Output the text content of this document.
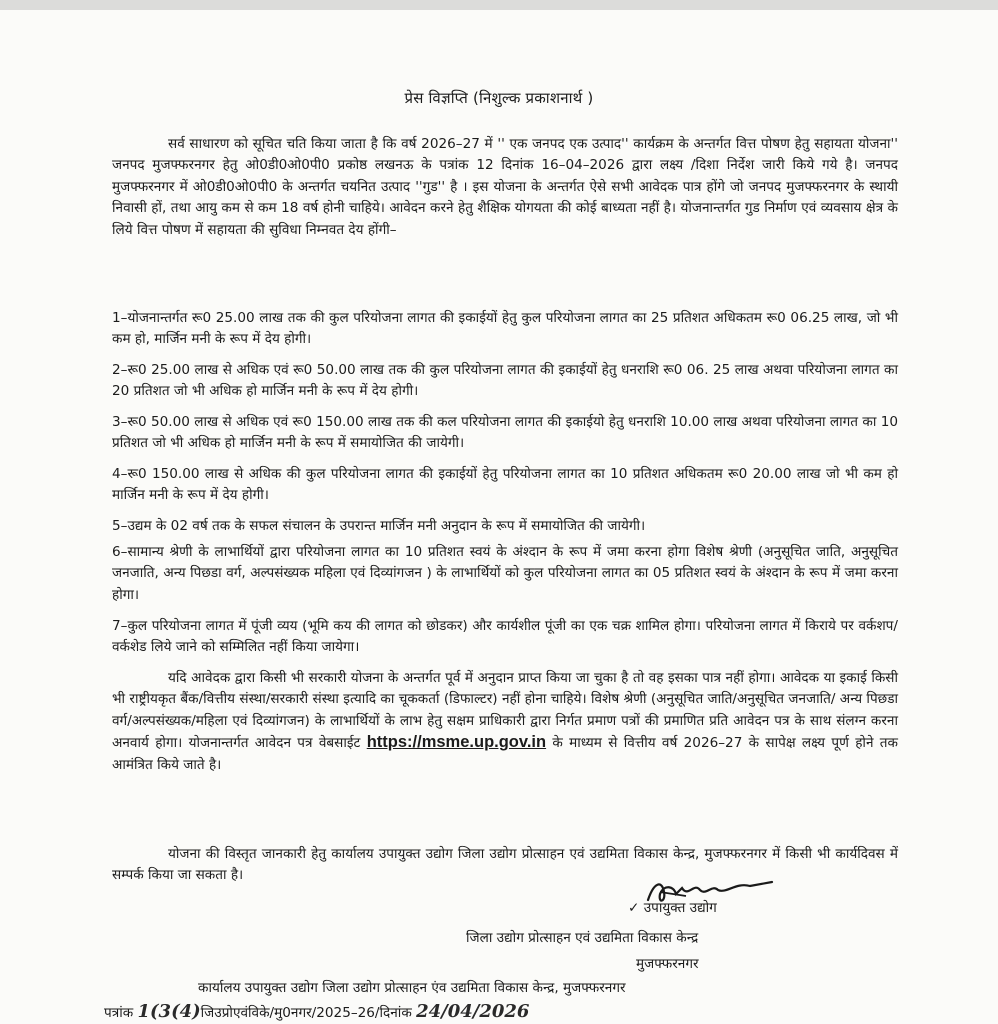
प्रेस विज्ञप्ति (निशुल्क प्रकाशनार्थ )
सर्व साधारण को सूचित चति किया जाता है कि वर्ष 2026–27 में '' एक जनपद एक उत्पाद'' कार्यक्रम के अन्तर्गत वित्त पोषण हेतु सहायता योजना'' जनपद मुजफ्फरनगर हेतु ओ0डी0ओ0पी0 प्रकोष्ठ लखनऊ के पत्रांक 12 दिनांक 16–04–2026 द्वारा लक्ष्य /दिशा निर्देश जारी किये गये है। जनपद मुजफ्फरनगर में ओ0डी0ओ0पी0 के अन्तर्गत चयनित उत्पाद ''गुड'' है । इस योजना के अन्तर्गत ऐसे सभी आवेदक पात्र होंगे जो जनपद मुजफ्फरनगर के स्थायी निवासी हों, तथा आयु कम से कम 18 वर्ष होनी चाहिये। आवेदन करने हेतु शैक्षिक योगयता की कोई बाध्यता नहीं है। योजनान्तर्गत गुड निर्माण एवं व्यवसाय क्षेत्र के लिये वित्त पोषण में सहायता की सुविधा निम्नवत देय होंगी–
1–योजनान्तर्गत रू0 25.00 लाख तक की कुल परियोजना लागत की इकाईयों हेतु कुल परियोजना लागत का 25 प्रतिशत अधिकतम रू0 06.25 लाख, जो भी कम हो, मार्जिन मनी के रूप में देय होगी।
2–रू0 25.00 लाख से अधिक एवं रू0 50.00 लाख तक की कुल परियोजना लागत की इकाईयों हेतु धनराशि रू0 06. 25 लाख अथवा परियोजना लागत का 20 प्रतिशत जो भी अधिक हो मार्जिन मनी के रूप में देय होगी।
3–रू0 50.00 लाख से अधिक एवं रू0 150.00 लाख तक की कल परियोजना लागत की इकाईयो हेतु धनराशि 10.00 लाख अथवा परियोजना लागत का 10 प्रतिशत जो भी अधिक हो मार्जिन मनी के रूप में समायोजित की जायेगी।
4–रू0 150.00 लाख से अधिक की कुल परियोजना लागत की इकाईयों हेतु परियोजना लागत का 10 प्रतिशत अधिकतम रू0 20.00 लाख जो भी कम हो मार्जिन मनी के रूप में देय होगी।
5–उद्यम के 02 वर्ष तक के सफल संचालन के उपरान्त मार्जिन मनी अनुदान के रूप में समायोजित की जायेगी।
6–सामान्य श्रेणी के लाभार्थियों द्वारा परियोजना लागत का 10 प्रतिशत स्वयं के अंश्दान के रूप में जमा करना होगा विशेष श्रेणी (अनुसूचित जाति, अनुसूचित जनजाति, अन्य पिछडा वर्ग, अल्पसंख्यक महिला एवं दिव्यांगजन ) के लाभार्थियों को कुल परियोजना लागत का 05 प्रतिशत स्वयं के अंश्दान के रूप में जमा करना होगा।
7–कुल परियोजना लागत में पूंजी व्यय (भूमि कय की लागत को छोडकर) और कार्यशील पूंजी का एक चक्र शामिल होगा। परियोजना लागत में किराये पर वर्कशप/वर्कशेड लिये जाने को सम्मिलित नहीं किया जायेगा।
यदि आवेदक द्वारा किसी भी सरकारी योजना के अन्तर्गत पूर्व में अनुदान प्राप्त किया जा चुका है तो वह इसका पात्र नहीं होगा। आवेदक या इकाई किसी भी राष्ट्रीयकृत बैंक/वित्तीय संस्था/सरकारी संस्था इत्यादि का चूककर्ता (डिफाल्टर) नहीं होना चाहिये। विशेष श्रेणी (अनुसूचित जाति/अनुसूचित जनजाति/ अन्य पिछडा वर्ग/अल्पसंख्यक/महिला एवं दिव्यांगजन) के लाभार्थियों के लाभ हेतु सक्षम प्राधिकारी द्वारा निर्गत प्रमाण पत्रों की प्रमाणित प्रति आवेदन पत्र के साथ संलग्न करना अनवार्य होगा। योजनान्तर्गत आवेदन पत्र वेबसाईट https://msme.up.gov.in के माध्यम से वित्तीय वर्ष 2026–27 के सापेक्ष लक्ष्य पूर्ण होने तक आमंत्रित किये जाते है।
योजना की विस्तृत जानकारी हेतु कार्यालय उपायुक्त उद्योग जिला उद्योग प्रोत्साहन एवं उद्यमिता विकास केन्द्र, मुजफ्फरनगर में किसी भी कार्यदिवस में सम्पर्क किया जा सकता है।
✓ उपायुक्त उद्योग
जिला उद्योग प्रोत्साहन एवं उद्यमिता विकास केन्द्र
मुजफ्फरनगर
कार्यालय उपायुक्त उद्योग जिला उद्योग प्रोत्साहन एंव उद्यमिता विकास केन्द्र, मुजफ्फरनगर
पत्रांक 1(3(4)जिउप्रोएवंविके/मु0नगर/2025–26/दिनांक 24/04/2026
